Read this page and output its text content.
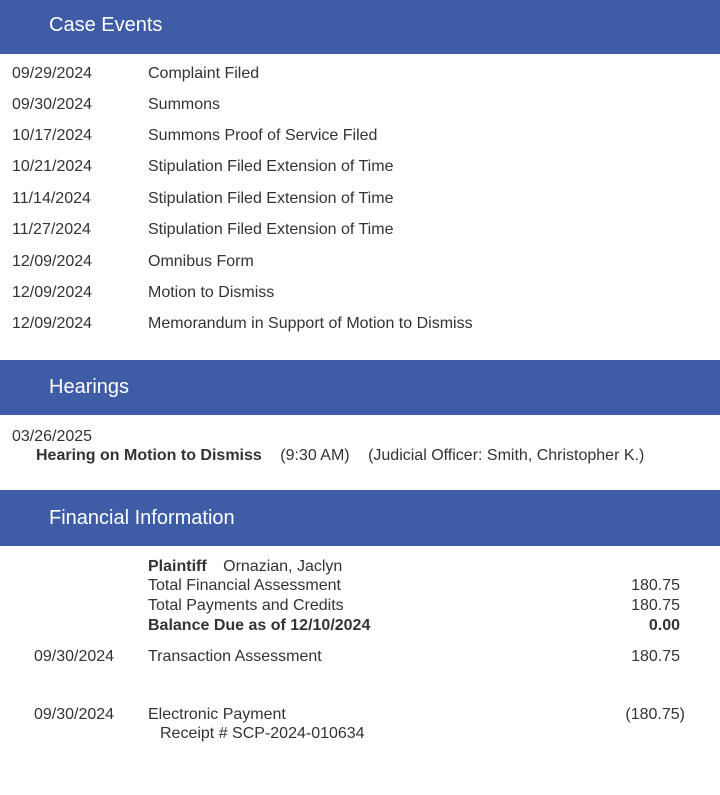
Case Events
09/29/2024	Complaint Filed
09/30/2024	Summons
10/17/2024	Summons Proof of Service Filed
10/21/2024	Stipulation Filed Extension of Time
11/14/2024	Stipulation Filed Extension of Time
11/27/2024	Stipulation Filed Extension of Time
12/09/2024	Omnibus Form
12/09/2024	Motion to Dismiss
12/09/2024	Memorandum in Support of Motion to Dismiss
Hearings
03/26/2025
Hearing on Motion to Dismiss (9:30 AM) (Judicial Officer: Smith, Christopher K.)
Financial Information
Plaintiff Ornazian, Jaclyn
Total Financial Assessment	180.75
Total Payments and Credits	180.75
Balance Due as of 12/10/2024	0.00
09/30/2024 Transaction Assessment	180.75
09/30/2024 Electronic Payment	(180.75)
Receipt # SCP-2024-010634
